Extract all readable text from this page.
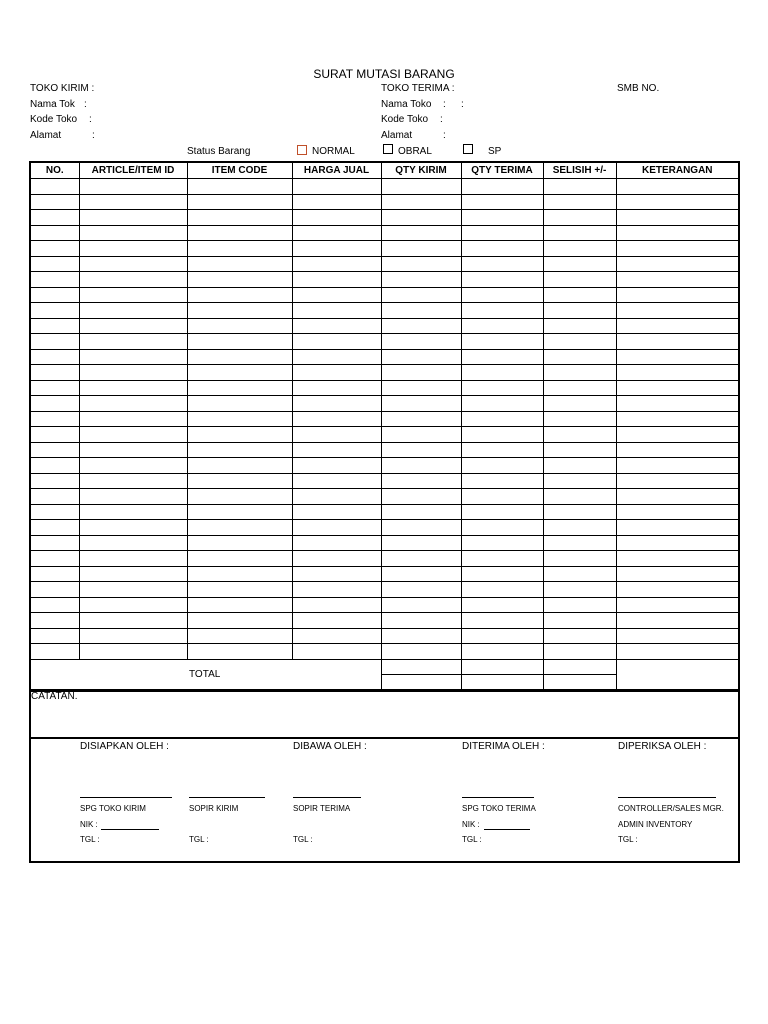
SURAT MUTASI BARANG
TOKO KIRIM :
Nama Tok :
Kode Toko :
Alamat	:
TOKO TERIMA :
Nama Toko : :
Kode Toko :
Alamat	:
SMB NO.
Status Barang	NORMAL	OBRAL	SP
NO.	ARTICLE/ITEM ID	ITEM CODE	HARGA JUAL	QTY KIRIM	QTY TERIMA	SELISIH +/-	KETERANGAN

TOTAL							

CATATAN.
DISIAPKAN OLEH :
SPG TOKO KIRIM
NIK :
TGL :
SOPIR KIRIM
TGL :
DIBAWA OLEH :
SOPIR TERIMA
TGL :
DITERIMA OLEH :
SPG TOKO TERIMA
NIK :
TGL :
DIPERIKSA OLEH :
CONTROLLER/SALES MGR.
ADMIN INVENTORY
TGL :
